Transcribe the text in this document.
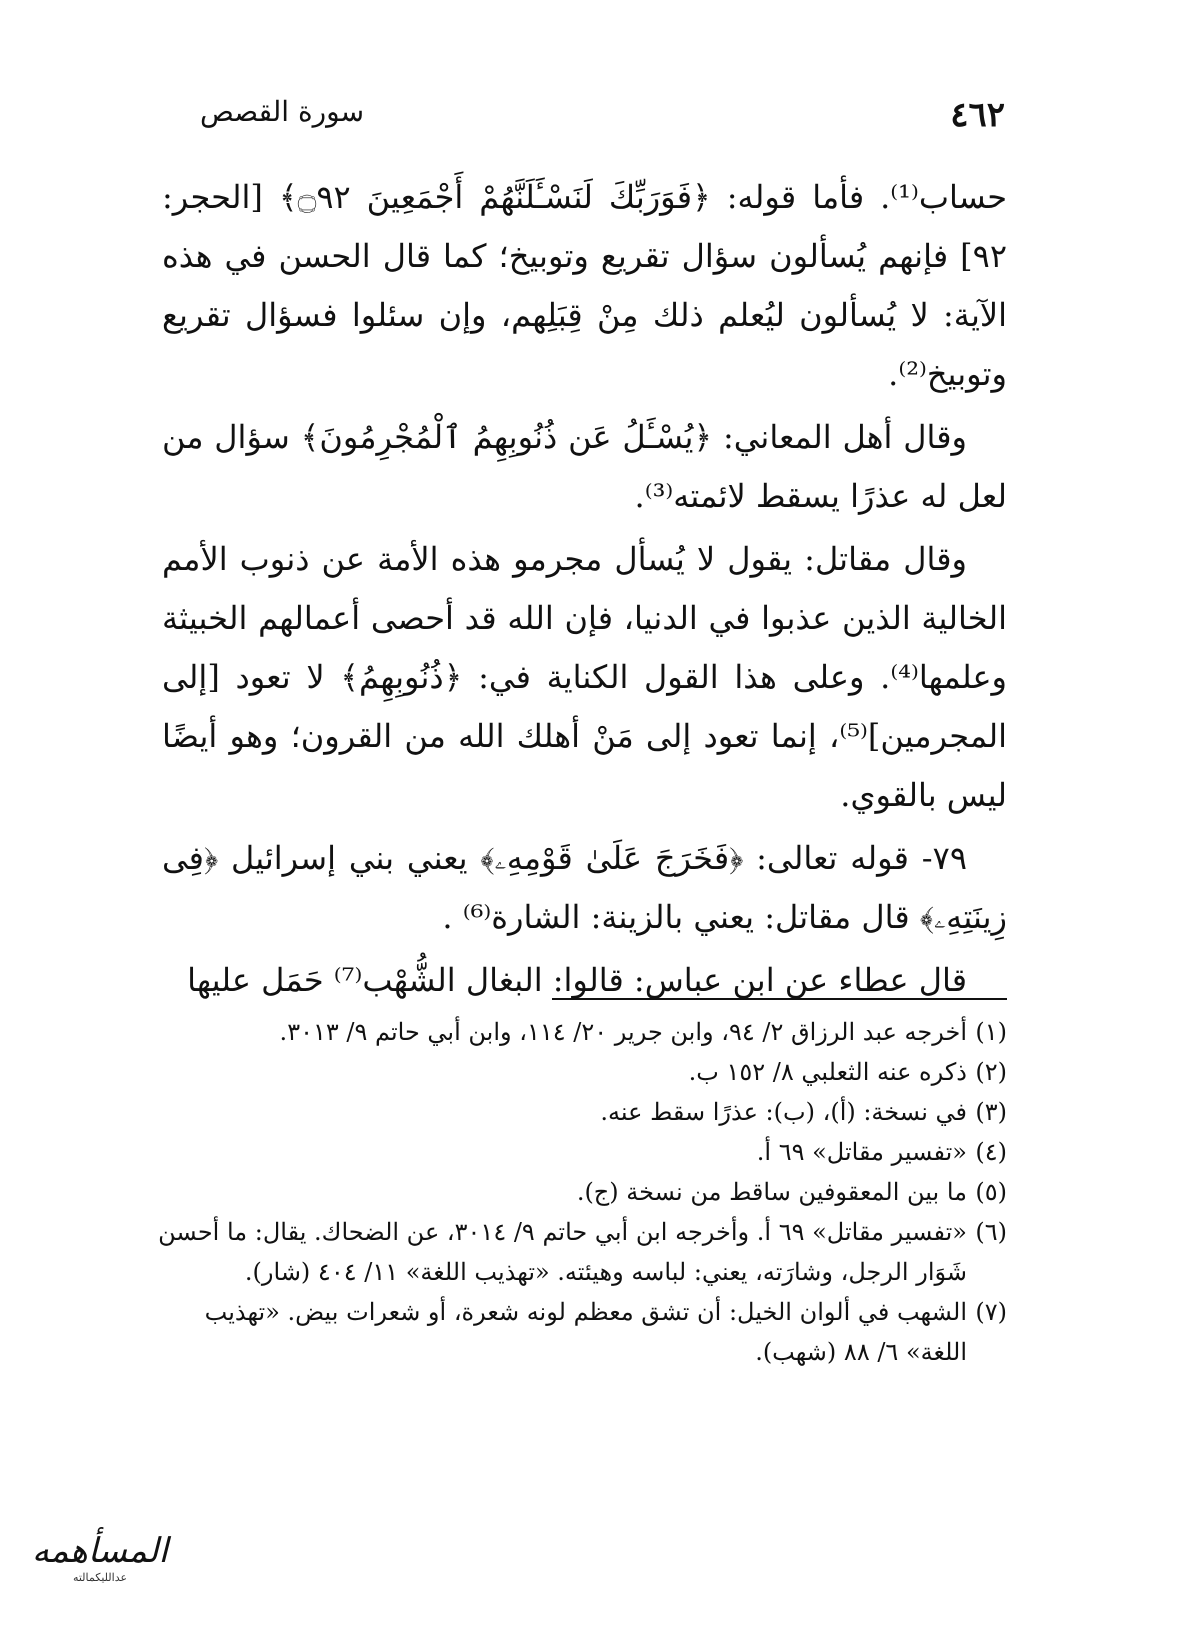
٤٦٢
سورة القصص

حساب⁽¹⁾. فأما قوله: ﴿فَوَرَبِّكَ لَنَسْـَٔلَنَّهُمْ أَجْمَعِينَ ۝٩٢﴾ [الحجر: ٩٢] فإنهم يُسألون سؤال تقريع وتوبيخ؛ كما قال الحسن في هذه الآية: لا يُسألون ليُعلم ذلك مِنْ قِبَلِهم، وإن سئلوا فسؤال تقريع وتوبيخ⁽²⁾.

وقال أهل المعاني: ﴿يُسْـَٔلُ عَن ذُنُوبِهِمُ ٱلْمُجْرِمُونَ﴾ سؤال من لعل له عذرًا يسقط لائمته⁽³⁾.

وقال مقاتل: يقول لا يُسأل مجرمو هذه الأمة عن ذنوب الأمم الخالية الذين عذبوا في الدنيا، فإن الله قد أحصى أعمالهم الخبيثة وعلمها⁽⁴⁾. وعلى هذا القول الكناية في: ﴿ذُنُوبِهِمُ﴾ لا تعود [إلى المجرمين]⁽⁵⁾، إنما تعود إلى مَنْ أهلك الله من القرون؛ وهو أيضًا ليس بالقوي.

٧٩- قوله تعالى: ﴿فَخَرَجَ عَلَىٰ قَوْمِهِۦ﴾ يعني بني إسرائيل ﴿فِى زِينَتِهِۦ﴾ قال مقاتل: يعني بالزينة: الشارة⁽⁶⁾ .

قال عطاء عن ابن عباس: قالوا: البغال الشُّهْب⁽⁷⁾ حَمَل عليها

(١)
أخرجه عبد الرزاق ٢/ ٩٤، وابن جرير ٢٠/ ١١٤، وابن أبي حاتم ٩/ ٣٠١٣.

(٢)
ذكره عنه الثعلبي ٨/ ١٥٢ ب.

(٣)
في نسخة: (أ)، (ب): عذرًا سقط عنه.

(٤)
«تفسير مقاتل» ٦٩ أ.

(٥)
ما بين المعقوفين ساقط من نسخة (ج).

(٦)
«تفسير مقاتل» ٦٩ أ. وأخرجه ابن أبي حاتم ٩/ ٣٠١٤، عن الضحاك. يقال: ما أحسن شَوَار الرجل، وشارَته، يعني: لباسه وهيئته. «تهذيب اللغة» ١١/ ٤٠٤ (شار).

(٧)
الشهب في ألوان الخيل: أن تشق معظم لونه شعرة، أو شعرات بيض. «تهذيب اللغة» ٦/ ٨٨ (شهب).

المسأهمه
عدالليكمالته
